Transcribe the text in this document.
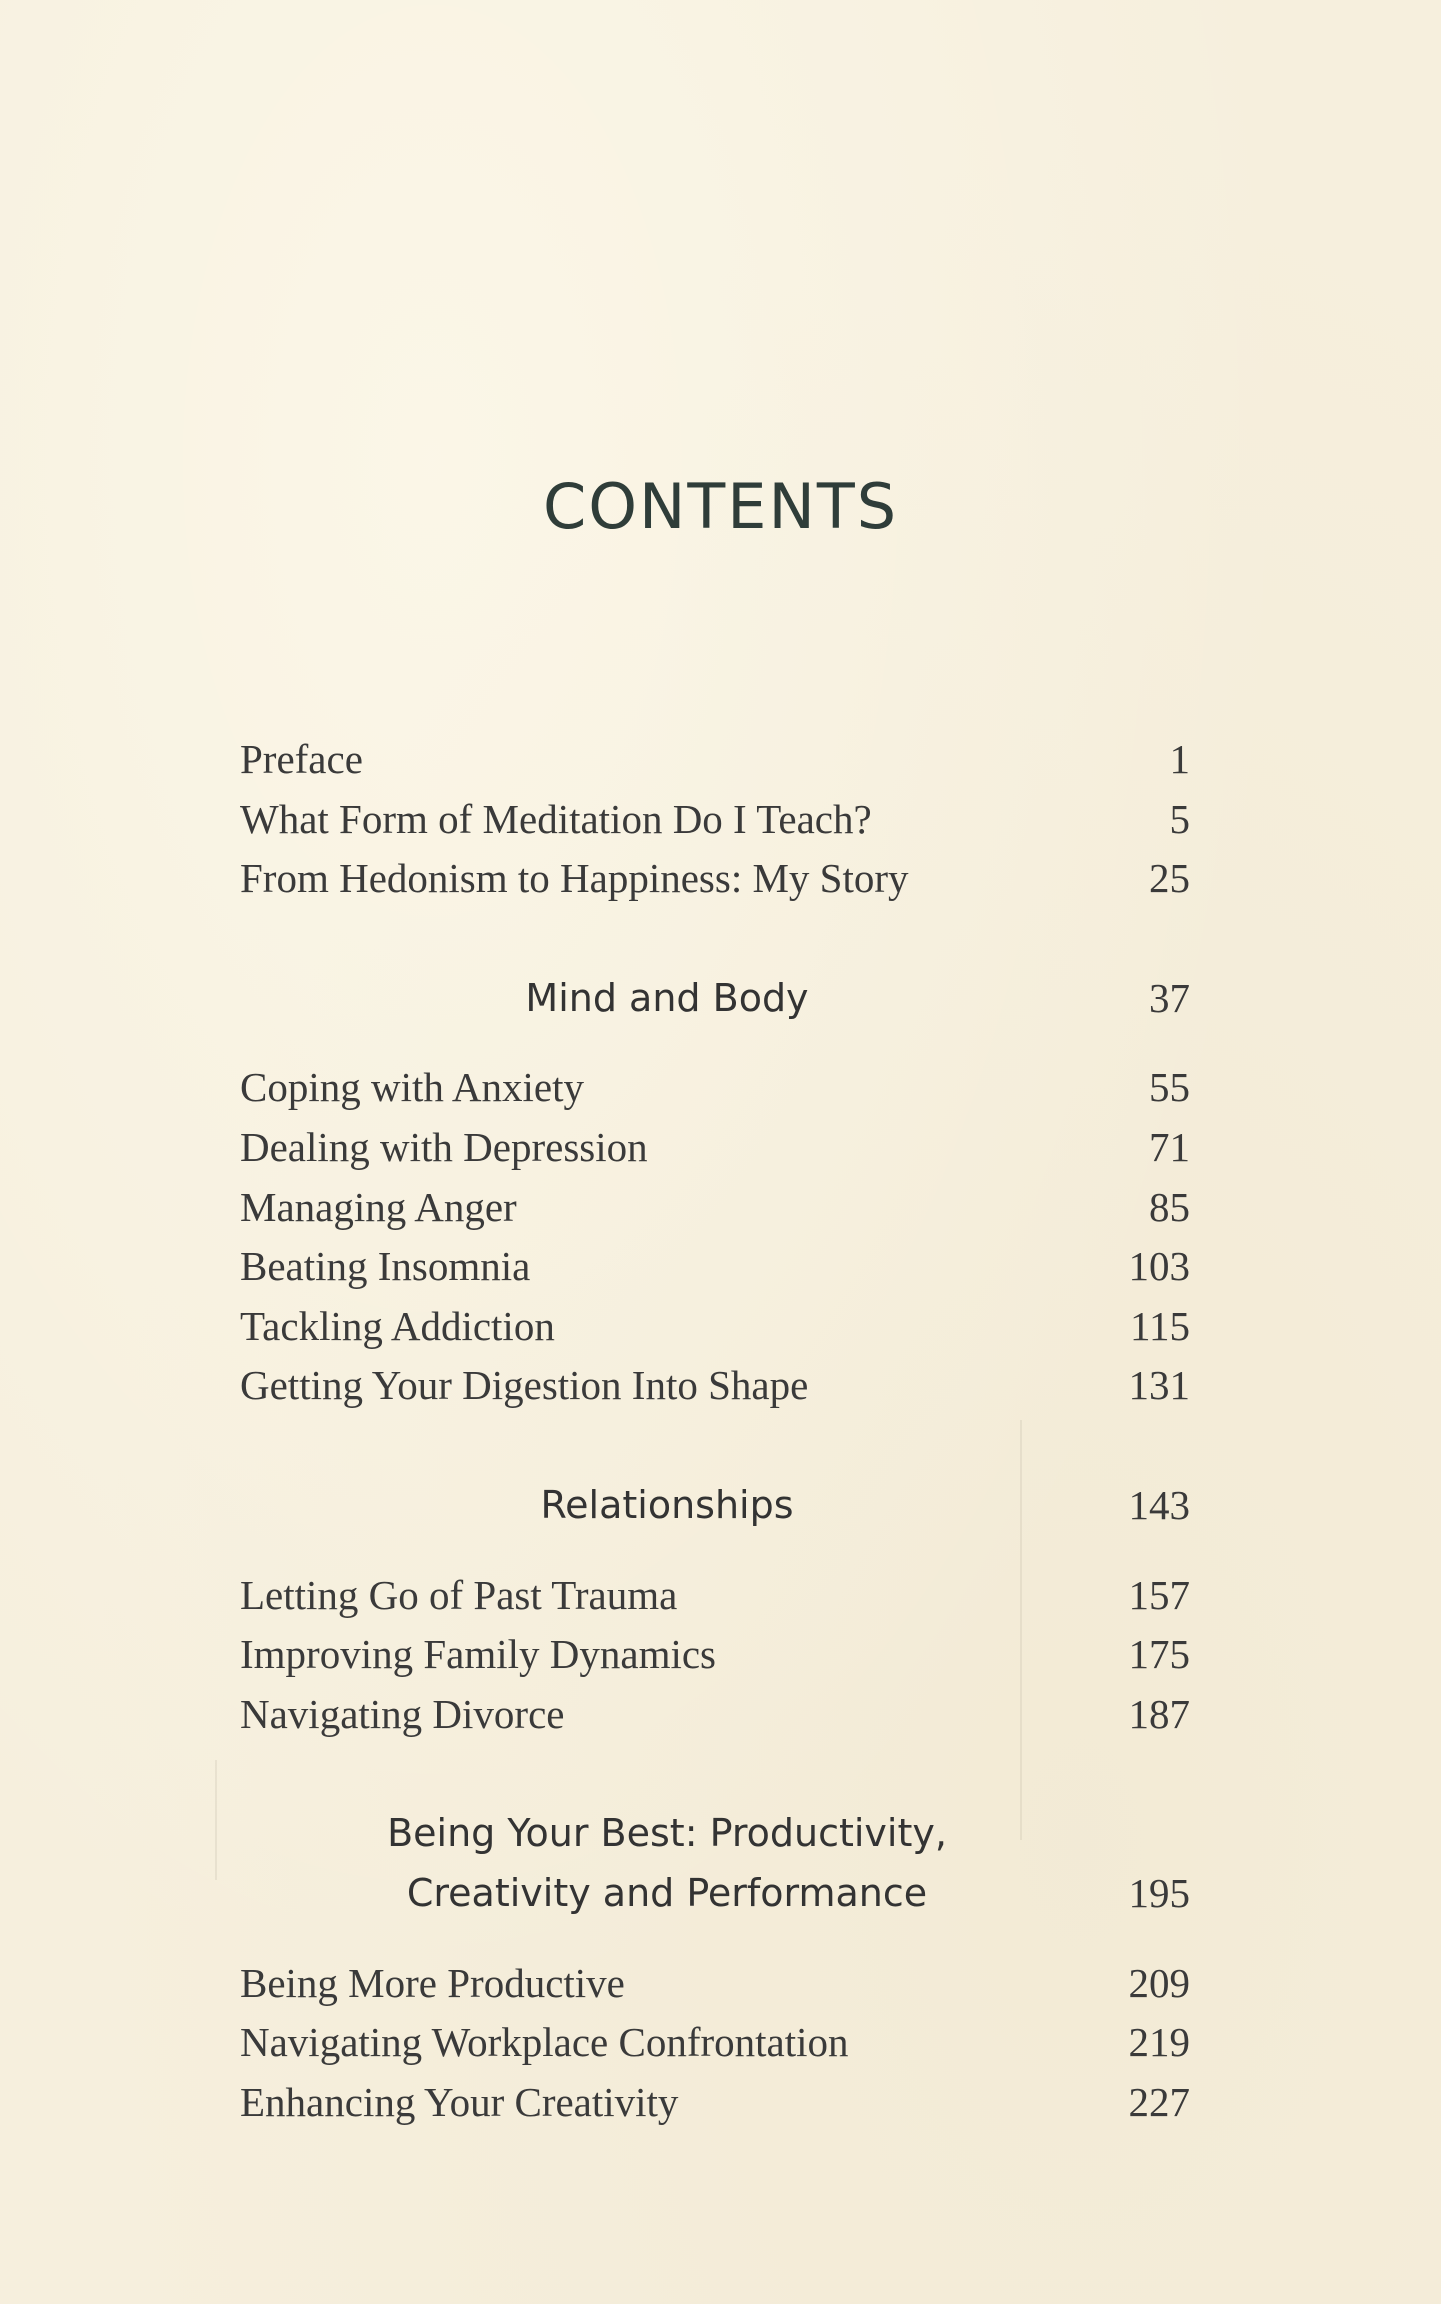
CONTENTS
Preface	1
What Form of Meditation Do I Teach?	5
From Hedonism to Happiness: My Story	25
Mind and Body	37
Coping with Anxiety	55
Dealing with Depression	71
Managing Anger	85
Beating Insomnia	103
Tackling Addiction	115
Getting Your Digestion Into Shape	131
Relationships	143
Letting Go of Past Trauma	157
Improving Family Dynamics	175
Navigating Divorce	187
Being Your Best: Productivity,
Creativity and Performance	195
Being More Productive	209
Navigating Workplace Confrontation	219
Enhancing Your Creativity	227
